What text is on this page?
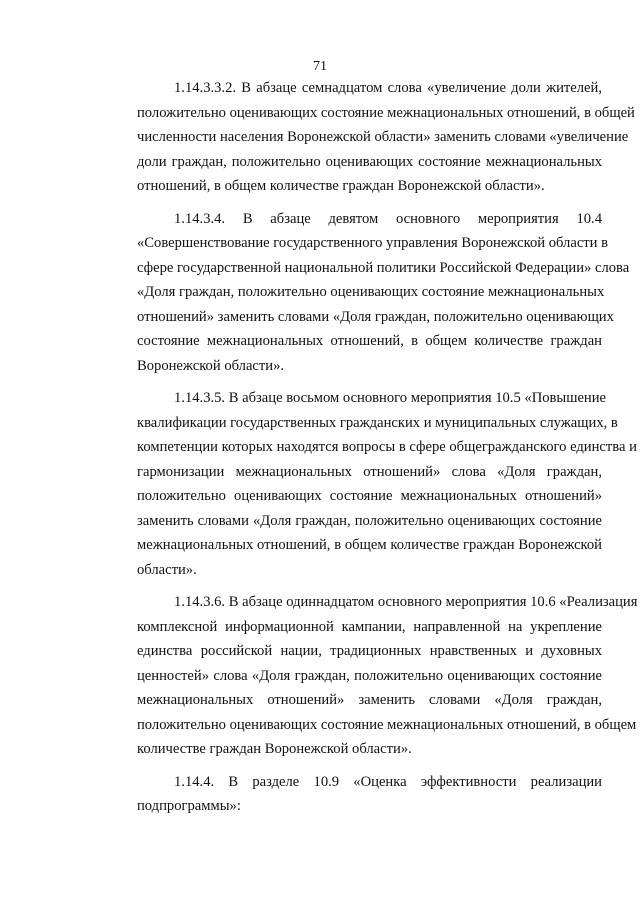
71
1.14.3.3.2. В абзаце семнадцатом слова «увеличение доли жителей,
положительно оценивающих состояние межнациональных отношений, в общей
численности населения Воронежской области» заменить словами «увеличение
доли граждан, положительно оценивающих состояние межнациональных
отношений, в общем количестве граждан Воронежской области».
1.14.3.4. В абзаце девятом основного мероприятия 10.4
«Совершенствование государственного управления Воронежской области в
сфере государственной национальной политики Российской Федерации» слова
«Доля граждан, положительно оценивающих состояние межнациональных
отношений» заменить словами «Доля граждан, положительно оценивающих
состояние межнациональных отношений, в общем количестве граждан
Воронежской области».
1.14.3.5. В абзаце восьмом основного мероприятия 10.5 «Повышение
квалификации государственных гражданских и муниципальных служащих, в
компетенции которых находятся вопросы в сфере общегражданского единства и
гармонизации межнациональных отношений» слова «Доля граждан,
положительно оценивающих состояние межнациональных отношений»
заменить словами «Доля граждан, положительно оценивающих состояние
межнациональных отношений, в общем количестве граждан Воронежской
области».
1.14.3.6. В абзаце одиннадцатом основного мероприятия 10.6 «Реализация
комплексной информационной кампании, направленной на укрепление
единства российской нации, традиционных нравственных и духовных
ценностей» слова «Доля граждан, положительно оценивающих состояние
межнациональных отношений» заменить словами «Доля граждан,
положительно оценивающих состояние межнациональных отношений, в общем
количестве граждан Воронежской области».
1.14.4. В разделе 10.9 «Оценка эффективности реализации
подпрограммы»:
